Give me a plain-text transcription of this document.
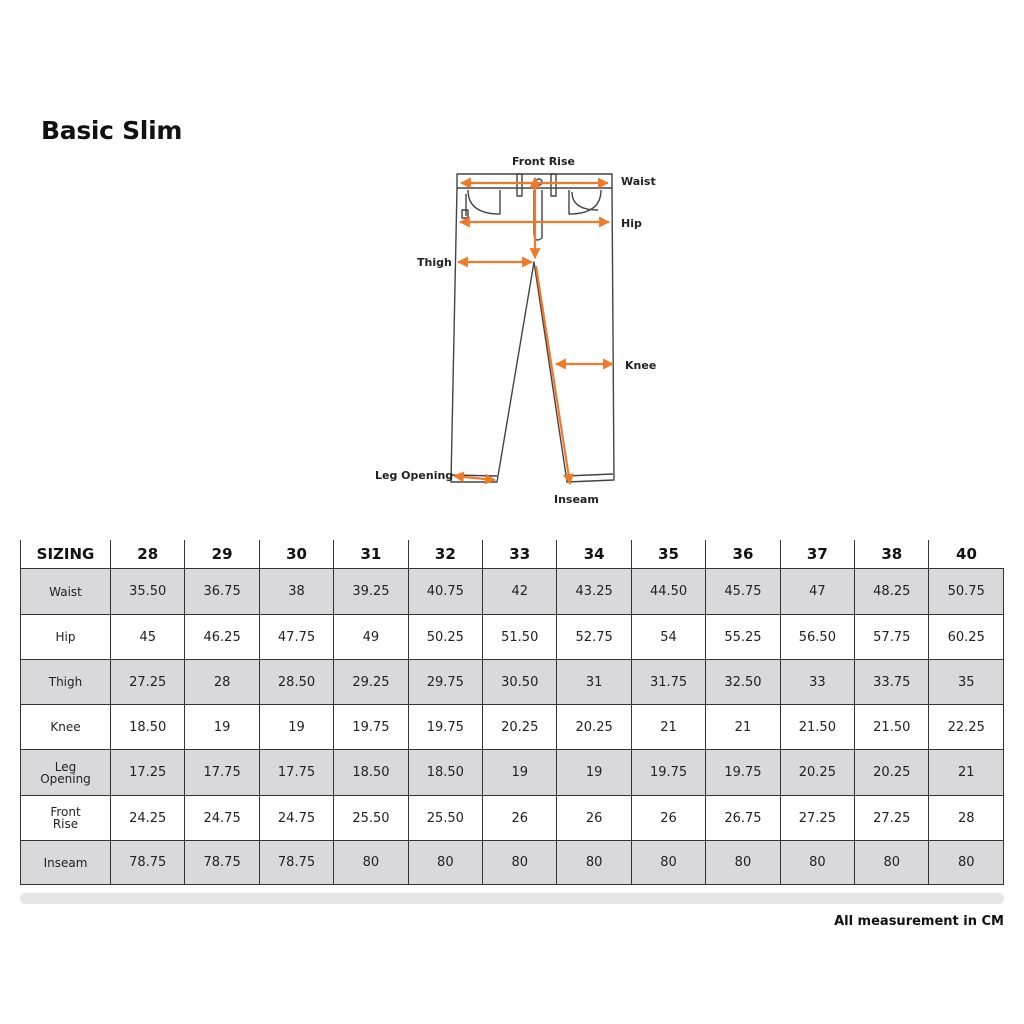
Basic Slim
Front Rise
Waist
Hip
Thigh
Knee
Leg Opening
Inseam
SIZING	28	29	30	31	32	33	34	35	36	37	38	40
Waist	35.50	36.75	38	39.25	40.75	42	43.25	44.50	45.75	47	48.25	50.75
Hip	45	46.25	47.75	49	50.25	51.50	52.75	54	55.25	56.50	57.75	60.25
Thigh	27.25	28	28.50	29.25	29.75	30.50	31	31.75	32.50	33	33.75	35
Knee	18.50	19	19	19.75	19.75	20.25	20.25	21	21	21.50	21.50	22.25
Leg Opening	17.25	17.75	17.75	18.50	18.50	19	19	19.75	19.75	20.25	20.25	21
Front Rise	24.25	24.75	24.75	25.50	25.50	26	26	26	26.75	27.25	27.25	28
Inseam	78.75	78.75	78.75	80	80	80	80	80	80	80	80	80
All measurement in CM
